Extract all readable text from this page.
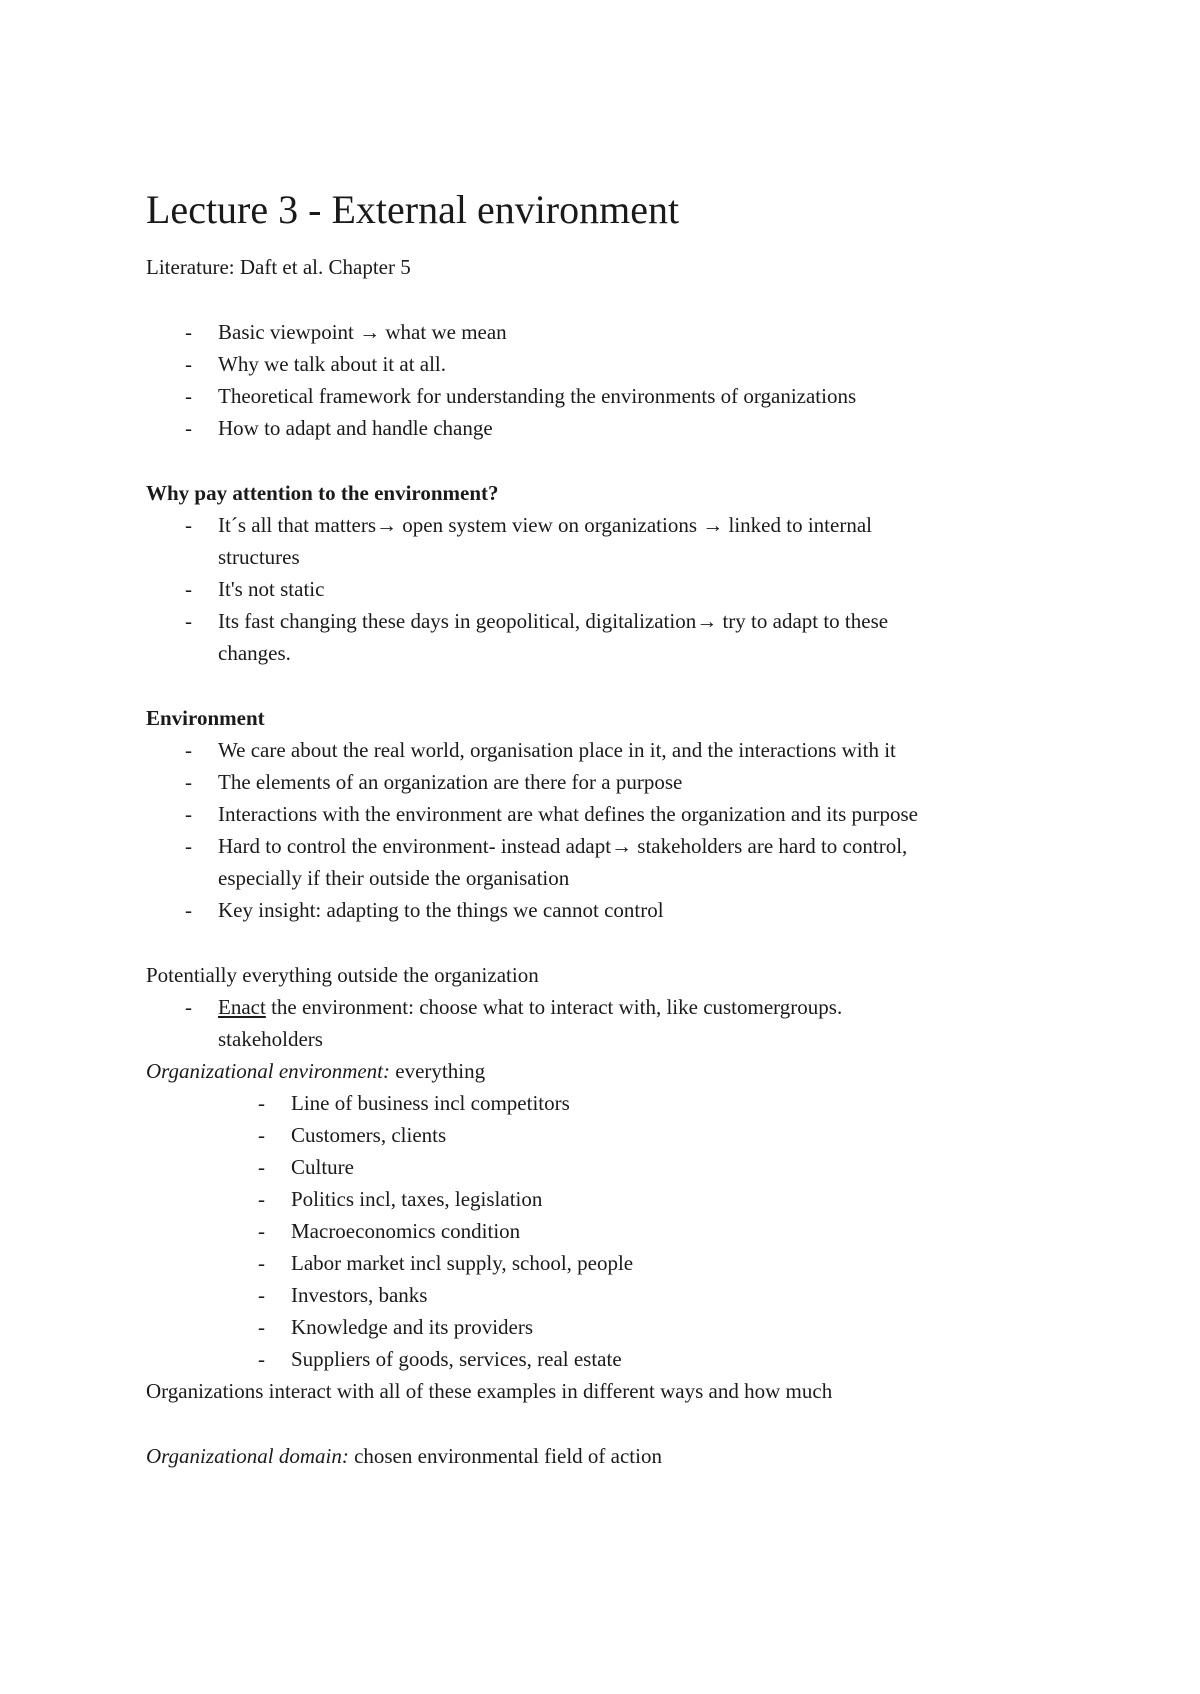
Lecture 3 - External environment
Literature: Daft et al. Chapter 5
- Basic viewpoint → what we mean
- Why we talk about it at all.
- Theoretical framework for understanding the environments of organizations
- How to adapt and handle change
Why pay attention to the environment?
- It´s all that matters→ open system view on organizations → linked to internal
structures
- It's not static
- Its fast changing these days in geopolitical, digitalization→ try to adapt to these
changes.
Environment
- We care about the real world, organisation place in it, and the interactions with it
- The elements of an organization are there for a purpose
- Interactions with the environment are what defines the organization and its purpose
- Hard to control the environment- instead adapt→ stakeholders are hard to control,
especially if their outside the organisation
- Key insight: adapting to the things we cannot control
Potentially everything outside the organization
- Enact the environment: choose what to interact with, like customergroups.
stakeholders
Organizational environment: everything
- Line of business incl competitors
- Customers, clients
- Culture
- Politics incl, taxes, legislation
- Macroeconomics condition
- Labor market incl supply, school, people
- Investors, banks
- Knowledge and its providers
- Suppliers of goods, services, real estate
Organizations interact with all of these examples in different ways and how much
Organizational domain: chosen environmental field of action
